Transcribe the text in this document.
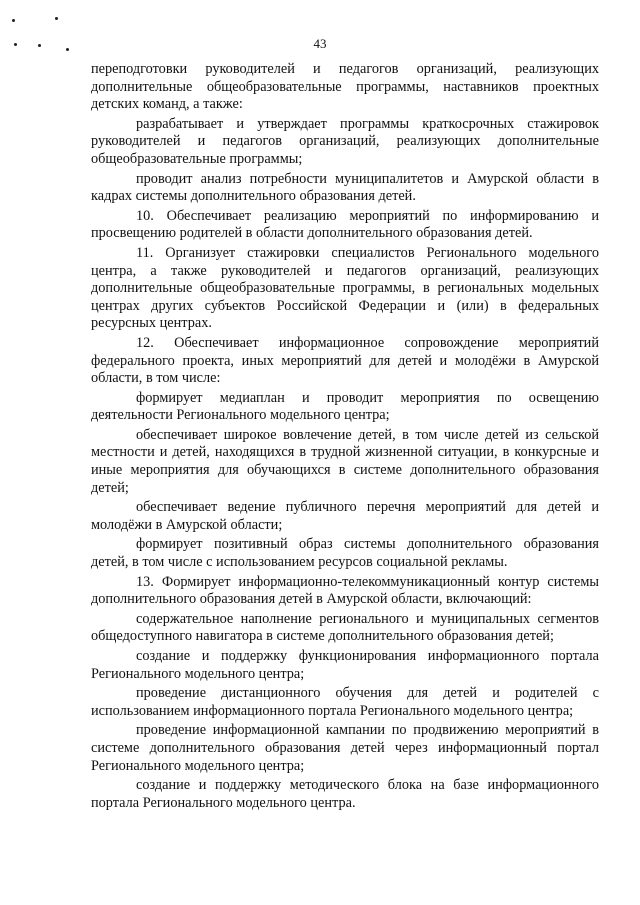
43

переподготовки руководителей и педагогов организаций, реализующих дополнительные общеобразовательные программы, наставников проектных детских команд, а также:

разрабатывает и утверждает программы краткосрочных стажировок руководителей и педагогов организаций, реализующих дополнительные общеобразовательные программы;

проводит анализ потребности муниципалитетов и Амурской области в кадрах системы дополнительного образования детей.

10. Обеспечивает реализацию мероприятий по информированию и просвещению родителей в области дополнительного образования детей.

11. Организует стажировки специалистов Регионального модельного центра, а также руководителей и педагогов организаций, реализующих дополнительные общеобразовательные программы, в региональных модельных центрах других субъектов Российской Федерации и (или) в федеральных ресурсных центрах.

12. Обеспечивает информационное сопровождение мероприятий федерального проекта, иных мероприятий для детей и молодёжи в Амурской области, в том числе:

формирует медиаплан и проводит мероприятия по освещению деятельности Регионального модельного центра;

обеспечивает широкое вовлечение детей, в том числе детей из сельской местности и детей, находящихся в трудной жизненной ситуации, в конкурсные и иные мероприятия для обучающихся в системе дополнительного образования детей;

обеспечивает ведение публичного перечня мероприятий для детей и молодёжи в Амурской области;

формирует позитивный образ системы дополнительного образования детей, в том числе с использованием ресурсов социальной рекламы.

13. Формирует информационно-телекоммуникационный контур системы дополнительного образования детей в Амурской области, включающий:

содержательное наполнение регионального и муниципальных сегментов общедоступного навигатора в системе дополнительного образования детей;

создание и поддержку функционирования информационного портала Регионального модельного центра;

проведение дистанционного обучения для детей и родителей с использованием информационного портала Регионального модельного центра;

проведение информационной кампании по продвижению мероприятий в системе дополнительного образования детей через информационный портал Регионального модельного центра;

создание и поддержку методического блока на базе информационного портала Регионального модельного центра.
